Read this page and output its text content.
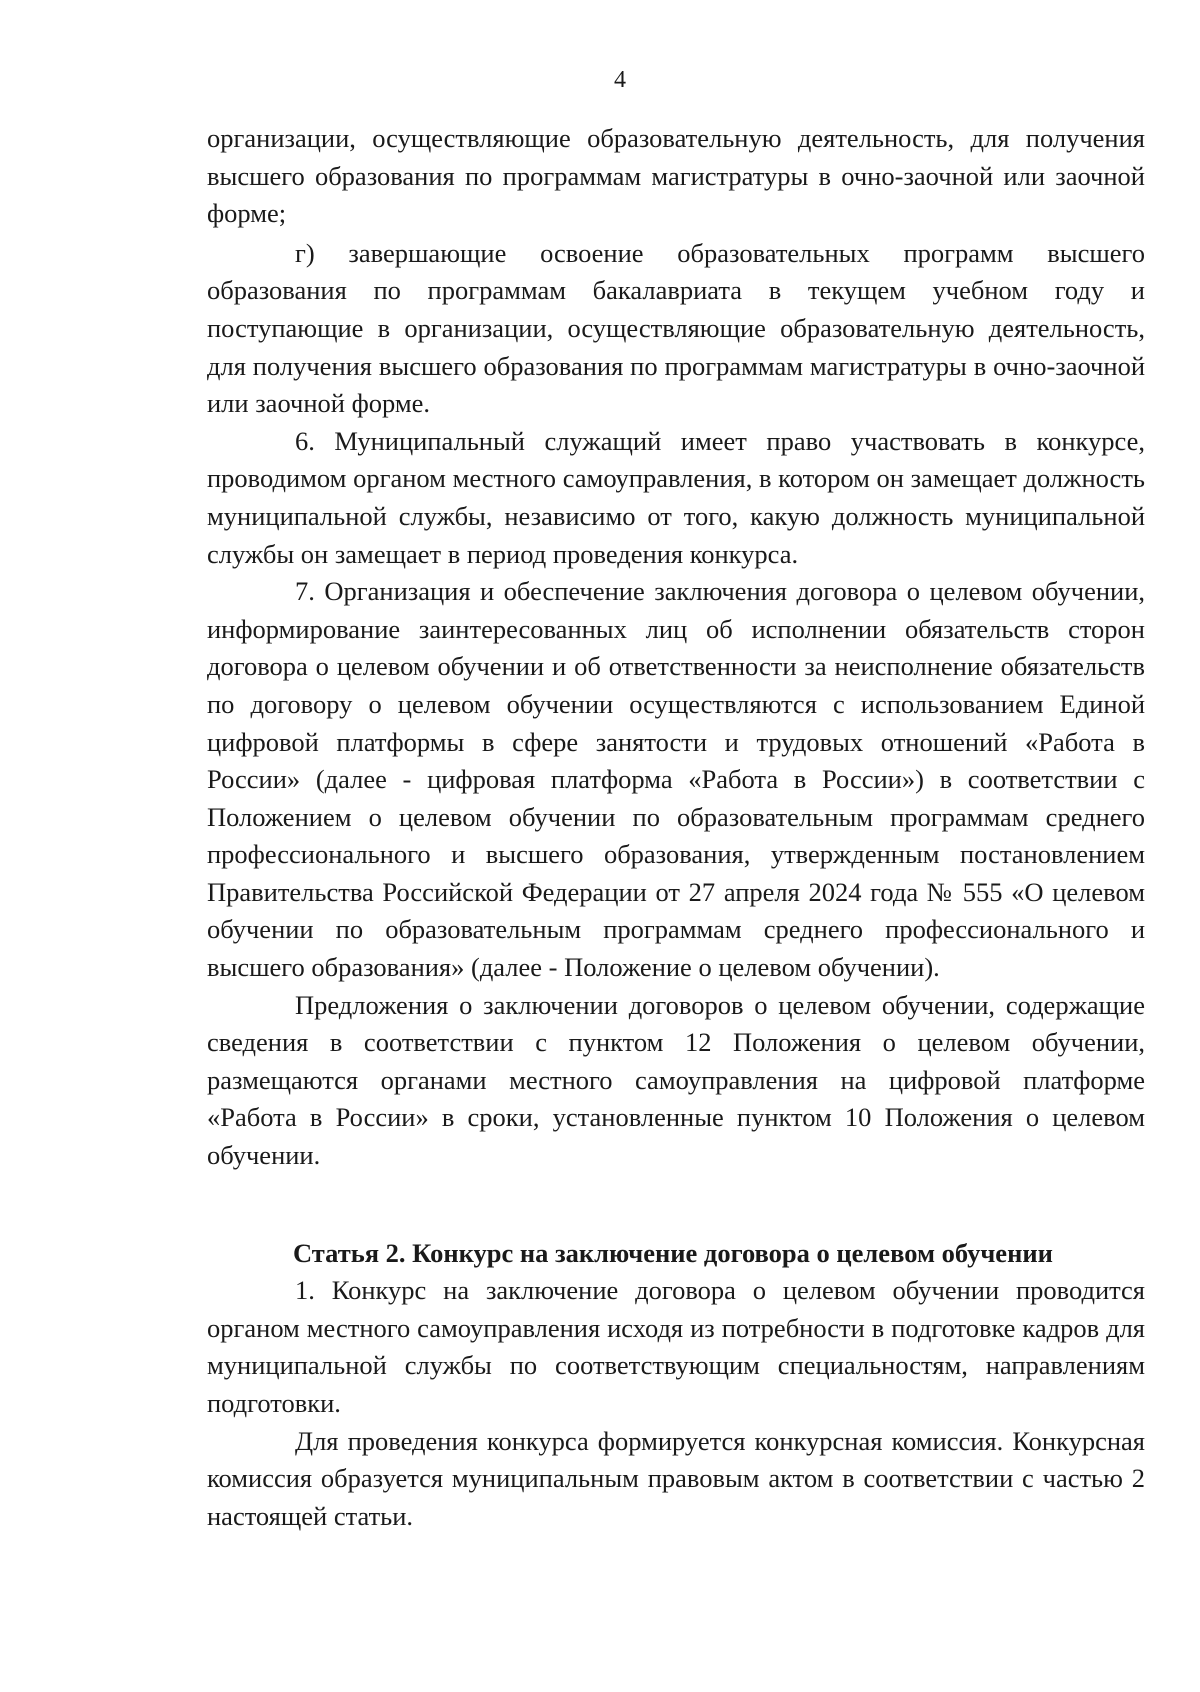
4

организации, осуществляющие образовательную деятельность, для получения высшего образования по программам магистратуры в очно-заочной или заочной форме;

г) завершающие освоение образовательных программ высшего образования по программам бакалавриата в текущем учебном году и поступающие в организации, осуществляющие образовательную деятельность, для получения высшего образования по программам магистратуры в очно-заочной или заочной форме.

6. Муниципальный служащий имеет право участвовать в конкурсе, проводимом органом местного самоуправления, в котором он замещает должность муниципальной службы, независимо от того, какую должность муниципальной службы он замещает в период проведения конкурса.

7. Организация и обеспечение заключения договора о целевом обучении, информирование заинтересованных лиц об исполнении обязательств сторон договора о целевом обучении и об ответственности за неисполнение обязательств по договору о целевом обучении осуществляются с использованием Единой цифровой платформы в сфере занятости и трудовых отношений «Работа в России» (далее - цифровая платформа «Работа в России») в соответствии с Положением о целевом обучении по образовательным программам среднего профессионального и высшего образования, утвержденным постановлением Правительства Российской Федерации от 27 апреля 2024 года № 555 «О целевом обучении по образовательным программам среднего профессионального и высшего образования» (далее - Положение о целевом обучении).

Предложения о заключении договоров о целевом обучении, содержащие сведения в соответствии с пунктом 12 Положения о целевом обучении, размещаются органами местного самоуправления на цифровой платформе «Работа в России» в сроки, установленные пунктом 10 Положения о целевом обучении.

Статья 2. Конкурс на заключение договора о целевом обучении

1. Конкурс на заключение договора о целевом обучении проводится органом местного самоуправления исходя из потребности в подготовке кадров для муниципальной службы по соответствующим специальностям, направлениям подготовки.

Для проведения конкурса формируется конкурсная комиссия. Конкурсная комиссия образуется муниципальным правовым актом в соответствии с частью 2 настоящей статьи.
